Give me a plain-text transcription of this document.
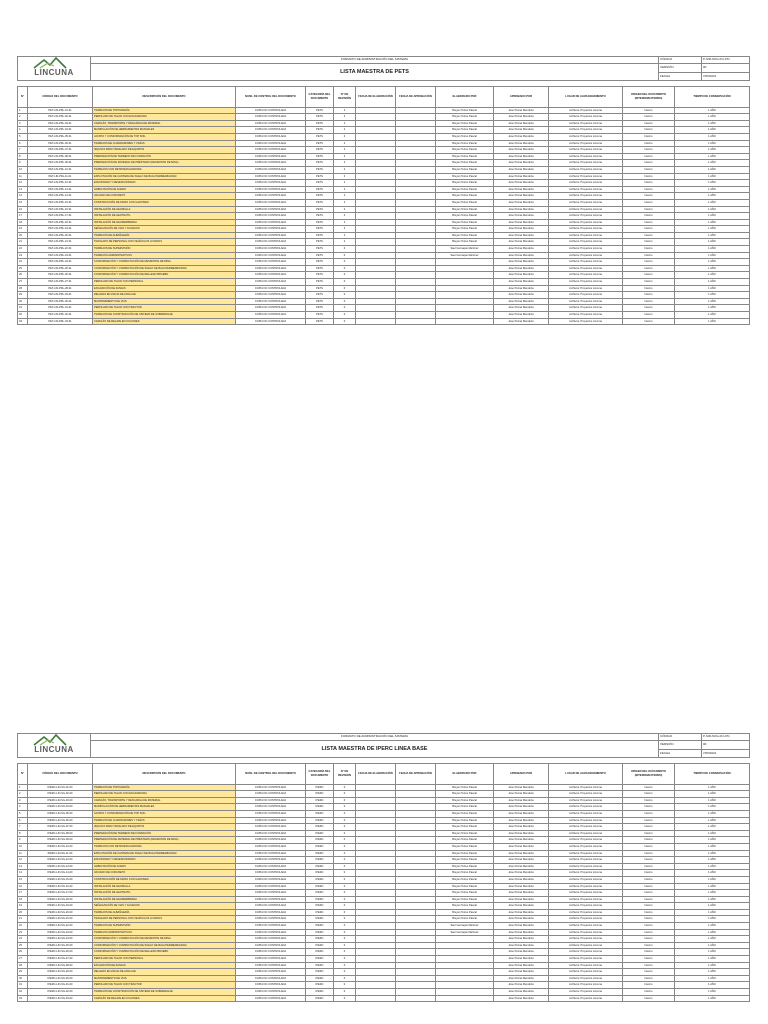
LINCUNA	FORMATO DE ADMINISTRACIÓN DEL SISTEMA	CÓDIGO	P-SIR-SOG-FO-071
	LISTA MAESTRA DE PETS	VERSIÓN	00
		FECHA	7/06/2021
N°	CÓDIGO DEL DOCUMENTO	DESCRIPCIÓN DEL DOCUMENTO	NIVEL DE CONTROL DEL DOCUMENTO	CATEGORÍA DEL DOCUMENTO	N° DE REVISIÓN	FECHA DE ELABORACIÓN	FECHA DE APROBACIÓN	ELABORADO POR	APROBADO POR	LUGAR DE ALMACENAMIENTO	ORIGEN DEL DOCUMENTO (INTERNO/EXTERNO)	TIEMPO DE CONSERVACIÓN
1	PET-LIN-PRL-01-01	TRABAJOS DE TOPOGRAFÍA	COPIA NO CONTROLADA	PETS	2			Bruyan Torres Pascal	Jose Porras Mendoza	Archivos: Proyectos Lincuna	Interno	1 AÑO
2	PET-LIN-PRL-02-01	PERFILADO DE TALUD CON EXCAVADORA	COPIA NO CONTROLADA	PETS	2			Bruyan Torres Pascal	Jose Porras Mendoza	Archivos: Proyectos Lincuna	Interno	1 AÑO
3	PET-LIN-PRL-03-01	CARGUÍO, TRANSPORTE Y DESCARGA DE MATERIAL	COPIA NO CONTROLADA	PETS	2			Bruyan Torres Pascal	Jose Porras Mendoza	Archivos: Proyectos Lincuna	Interno	1 AÑO
4	PET-LIN-PRL-04-01	MANIPULACIÓN DE HERRAMIENTAS MANUALES	COPIA NO CONTROLADA	PETS	2			Bruyan Torres Pascal	Jose Porras Mendoza	Archivos: Proyectos Lincuna	Interno	1 AÑO
5	PET-LIN-PRL-05-01	ACOPIO Y CONFORMACIÓN DE TOP SOIL	COPIA NO CONTROLADA	PETS	2			Bruyan Torres Pascal	Jose Porras Mendoza	Archivos: Proyectos Lincuna	Interno	1 AÑO
6	PET-LIN-PRL-06-01	TRABAJOS DE CUADRADORES Y VIGÍAS	COPIA NO CONTROLADA	PETS	2			Bruyan Torres Pascal	Jose Porras Mendoza	Archivos: Proyectos Lincuna	Interno	1 AÑO
7	PET-LIN-PRL-07-01	IZQUILTA PARA TRASLADO DE EQUIPOS	COPIA NO CONTROLADA	PETS	2			Bruyan Torres Pascal	Jose Porras Mendoza	Archivos: Proyectos Lincuna	Interno	1 AÑO
8	PET-LIN-PRL-08-01	PREPARACIÓN DE TERRENO DE FUNDACIÓN	COPIA NO CONTROLADA	PETS	2			Bruyan Torres Pascal	Jose Porras Mendoza	Archivos: Proyectos Lincuna	Interno	1 AÑO
9	PET-LIN-PRL-09-01	PREPARACIÓN DE MATERIAL DE PRÉSTAMO (DESMONTE DE MINA)	COPIA NO CONTROLADA	PETS	2			Bruyan Torres Pascal	Jose Porras Mendoza	Archivos: Proyectos Lincuna	Interno	1 AÑO
10	PET-LIN-PRL-10-01	TRABAJOS CON RETROEXCAVADORA	COPIA NO CONTROLADA	PETS	2			Bruyan Torres Pascal	Jose Porras Mendoza	Archivos: Proyectos Lincuna	Interno	1 AÑO
11	PET-LIN-PRL-11-01	EXPLOTACIÓN DE CANTERA DE SUELO DE BAJA PERMEABILIDAD	COPIA NO CONTROLADA	PETS	2			Bruyan Torres Pascal	Jose Porras Mendoza	Archivos: Proyectos Lincuna	Interno	1 AÑO
12	PET-LIN-PRL-12-01	ENCOFRADO Y DESENCOFRADO	COPIA NO CONTROLADA	PETS	2			Bruyan Torres Pascal	Jose Porras Mendoza	Archivos: Proyectos Lincuna	Interno	1 AÑO
13	PET-LIN-PRL-13-01	HABILITACIÓN DE ACERO	COPIA NO CONTROLADA	PETS	2			Bruyan Torres Pascal	Jose Porras Mendoza	Archivos: Proyectos Lincuna	Interno	1 AÑO
14	PET-LIN-PRL-14-01	VACIADO DE CONCRETO	COPIA NO CONTROLADA	PETS	2			Bruyan Torres Pascal	Jose Porras Mendoza	Archivos: Proyectos Lincuna	Interno	1 AÑO
15	PET-LIN-PRL-15-01	CONSTRUCCIÓN DE MURO CON GAVIONES	COPIA NO CONTROLADA	PETS	2			Bruyan Torres Pascal	Jose Porras Mendoza	Archivos: Proyectos Lincuna	Interno	1 AÑO
16	PET-LIN-PRL-16-01	INSTALACIÓN DE GEOMALLA	COPIA NO CONTROLADA	PETS	2			Bruyan Torres Pascal	Jose Porras Mendoza	Archivos: Proyectos Lincuna	Interno	1 AÑO
17	PET-LIN-PRL-17-01	INSTALACIÓN DE GEOTEXTIL	COPIA NO CONTROLADA	PETS	2			Bruyan Torres Pascal	Jose Porras Mendoza	Archivos: Proyectos Lincuna	Interno	1 AÑO
18	PET-LIN-PRL-18-01	INSTALACIÓN DE GEOMEMBRANA	COPIA NO CONTROLADA	PETS	2			Bruyan Torres Pascal	Jose Porras Mendoza	Archivos: Proyectos Lincuna	Interno	1 AÑO
19	PET-LIN-PRL-19-01	SEÑALIZACIÓN DE VIAS Y ACCESOS	COPIA NO CONTROLADA	PETS	2			Bruyan Torres Pascal	Jose Porras Mendoza	Archivos: Proyectos Lincuna	Interno	1 AÑO
20	PET-LIN-PRL-20-01	TRABAJOS DE ALBAÑILERÍA	COPIA NO CONTROLADA	PETS	2			Bruyan Torres Pascal	Jose Porras Mendoza	Archivos: Proyectos Lincuna	Interno	1 AÑO
21	PET-LIN-PRL-21-01	TRASLADO DE PERSONAL CON VEHÍCULOS LIVIANOS	COPIA NO CONTROLADA	PETS	2			Bruyan Torres Pascal	Jose Porras Mendoza	Archivos: Proyectos Lincuna	Interno	1 AÑO
22	PET-LIN-PRL-22-01	TRABAJOS DE SUPERVISIÓN	COPIA NO CONTROLADA	PETS	0			Saul Cernaqué Martínez	Jose Porras Mendoza	Archivos: Proyectos Lincuna	Interno	1 AÑO
23	PET-LIN-PRL-23-01	TRABAJOS ADMINISTRATIVOS	COPIA NO CONTROLADA	PETS	0			Saul Cernaqué Martínez	Jose Porras Mendoza	Archivos: Proyectos Lincuna	Interno	1 AÑO
24	PET-LIN-PRL-24-01	CONFORMACIÓN Y COMPACTACIÓN DE DESMONTE DE MINA	COPIA NO CONTROLADA	PETS	0				Jose Porras Mendoza	Archivos: Proyectos Lincuna	Interno	1 AÑO
25	PET-LIN-PRL-25-01	CONFORMACIÓN Y COMPACTACIÓN DE SUELO DE BAJA PERMEABILIDAD	COPIA NO CONTROLADA	PETS	0				Jose Porras Mendoza	Archivos: Proyectos Lincuna	Interno	1 AÑO
26	PET-LIN-PRL-26-01	CONFORMACIÓN Y COMPACTACIÓN DE RELLENO BRUEBO	COPIA NO CONTROLADA	PETS	0				Jose Porras Mendoza	Archivos: Proyectos Lincuna	Interno	1 AÑO
27	PET-LIN-PRL-27-01	PERFILADO DE TALUD CON PERSONAL	COPIA NO CONTROLADA	PETS	0				Jose Porras Mendoza	Archivos: Proyectos Lincuna	Interno	1 AÑO
28	PET-LIN-PRL-28-01	EXCAVACIÓN DE ZANJAS	COPIA NO CONTROLADA	PETS	0				Jose Porras Mendoza	Archivos: Proyectos Lincuna	Interno	1 AÑO
29	PET-LIN-PRL-29-01	RELLENO EN ZANJA DE ANCLAJE	COPIA NO CONTROLADA	PETS	0				Jose Porras Mendoza	Archivos: Proyectos Lincuna	Interno	1 AÑO
30	PET-LIN-PRL-30-01	MANTENIMIENTO DE VIAS	COPIA NO CONTROLADA	PETS	0				Jose Porras Mendoza	Archivos: Proyectos Lincuna	Interno	1 AÑO
31	PET-LIN-PRL-31-01	PERFILADO DE TALUD CON TRACTOR	COPIA NO CONTROLADA	PETS	0				Jose Porras Mendoza	Archivos: Proyectos Lincuna	Interno	1 AÑO
32	PET-LIN-PRL-32-01	TRABAJOS DE CONSTRUCCIÓN DE SISTEMA DE SUBDRENAJE	COPIA NO CONTROLADA	PETS	0				Jose Porras Mendoza	Archivos: Proyectos Lincuna	Interno	1 AÑO
33	PET-LIN-PRL-33-01	CARGUÍO DE RELAVE EN CICLONES	COPIA NO CONTROLADA	PETS	0				Jose Porras Mendoza	Archivos: Proyectos Lincuna	Interno	1 AÑO
LINCUNA	FORMATO DE ADMINISTRACIÓN DEL SISTEMA	CÓDIGO	P-SIR-SOG-FO-071
	LISTA MAESTRA DE IPERC LINEA BASE	VERSIÓN	00
		FECHA	7/06/2021
N°	CÓDIGO DEL DOCUMENTO	DESCRIPCIÓN DEL DOCUMENTO	NIVEL DE CONTROL DEL DOCUMENTO	CATEGORÍA DEL DOCUMENTO	N° DE REVISIÓN	FECHA DE ELABORACIÓN	FECHA DE APROBACIÓN	ELABORADO POR	APROBADO POR	LUGAR DE ALMACENAMIENTO	ORIGEN DEL DOCUMENTO (INTERNO/EXTERNO)	TIEMPO DE CONSERVACIÓN
1	IPERC-LIN-SG-01-00	TRABAJOS DE TOPOGRAFÍA	COPIA NO CONTROLADA	IPERC	0			Bruyan Torres Pascal	Jose Porras Mendoza	Archivos: Proyectos Lincuna	Interno	1 AÑO
2	IPERC-LIN-SG-02-00	PERFILADO DE TALUD CON EXCAVADORA	COPIA NO CONTROLADA	IPERC	0			Bruyan Torres Pascal	Jose Porras Mendoza	Archivos: Proyectos Lincuna	Interno	1 AÑO
3	IPERC-LIN-SG-03-00	CARGUÍO, TRANSPORTE Y DESCARGA DE MATERIAL	COPIA NO CONTROLADA	IPERC	0			Bruyan Torres Pascal	Jose Porras Mendoza	Archivos: Proyectos Lincuna	Interno	1 AÑO
4	IPERC-LIN-SG-04-00	MANIPULACIÓN DE HERRAMIENTAS MANUALES	COPIA NO CONTROLADA	IPERC	0			Bruyan Torres Pascal	Jose Porras Mendoza	Archivos: Proyectos Lincuna	Interno	1 AÑO
5	IPERC-LIN-SG-05-00	ACOPIO Y CONFORMACIÓN DE TOP SOIL	COPIA NO CONTROLADA	IPERC	0			Bruyan Torres Pascal	Jose Porras Mendoza	Archivos: Proyectos Lincuna	Interno	1 AÑO
6	IPERC-LIN-SG-06-00	TRABAJOS DE CUADRADORES Y VIGÍAS	COPIA NO CONTROLADA	IPERC	0			Bruyan Torres Pascal	Jose Porras Mendoza	Archivos: Proyectos Lincuna	Interno	1 AÑO
7	IPERC-LIN-SG-07-00	IZQUILTA PARA TRASLADO DE EQUIPOS	COPIA NO CONTROLADA	IPERC	0			Bruyan Torres Pascal	Jose Porras Mendoza	Archivos: Proyectos Lincuna	Interno	1 AÑO
8	IPERC-LIN-SG-08-00	PREPARACIÓN DE TERRENO DE FUNDACIÓN	COPIA NO CONTROLADA	IPERC	0			Bruyan Torres Pascal	Jose Porras Mendoza	Archivos: Proyectos Lincuna	Interno	1 AÑO
9	IPERC-LIN-SG-09-00	PREPARACIÓN DE MATERIAL DE PRÉSTAMO (DESMONTE DE MINA)	COPIA NO CONTROLADA	IPERC	0			Bruyan Torres Pascal	Jose Porras Mendoza	Archivos: Proyectos Lincuna	Interno	1 AÑO
10	IPERC-LIN-SG-10-00	TRABAJOS CON RETROEXCAVADORA	COPIA NO CONTROLADA	IPERC	0			Bruyan Torres Pascal	Jose Porras Mendoza	Archivos: Proyectos Lincuna	Interno	1 AÑO
11	IPERC-LIN-SG-11-00	EXPLOTACIÓN DE CANTERA DE SUELO DE BAJA PERMEABILIDAD	COPIA NO CONTROLADA	IPERC	0			Bruyan Torres Pascal	Jose Porras Mendoza	Archivos: Proyectos Lincuna	Interno	1 AÑO
12	IPERC-LIN-SG-12-00	ENCOFRADO Y DESENCOFRADO	COPIA NO CONTROLADA	IPERC	0			Bruyan Torres Pascal	Jose Porras Mendoza	Archivos: Proyectos Lincuna	Interno	1 AÑO
13	IPERC-LIN-SG-13-00	HABILITACIÓN DE ACERO	COPIA NO CONTROLADA	IPERC	0			Bruyan Torres Pascal	Jose Porras Mendoza	Archivos: Proyectos Lincuna	Interno	1 AÑO
14	IPERC-LIN-SG-14-00	VACIADO DE CONCRETO	COPIA NO CONTROLADA	IPERC	0			Bruyan Torres Pascal	Jose Porras Mendoza	Archivos: Proyectos Lincuna	Interno	1 AÑO
15	IPERC-LIN-SG-15-00	CONSTRUCCIÓN DE MURO CON GAVIONES	COPIA NO CONTROLADA	IPERC	0			Bruyan Torres Pascal	Jose Porras Mendoza	Archivos: Proyectos Lincuna	Interno	1 AÑO
16	IPERC-LIN-SG-16-00	INSTALACIÓN DE GEOMALLA	COPIA NO CONTROLADA	IPERC	0			Bruyan Torres Pascal	Jose Porras Mendoza	Archivos: Proyectos Lincuna	Interno	1 AÑO
17	IPERC-LIN-SG-17-00	INSTALACIÓN DE GEOTEXTIL	COPIA NO CONTROLADA	IPERC	0			Bruyan Torres Pascal	Jose Porras Mendoza	Archivos: Proyectos Lincuna	Interno	1 AÑO
18	IPERC-LIN-SG-18-00	INSTALACIÓN DE GEOMEMBRANA	COPIA NO CONTROLADA	IPERC	0			Bruyan Torres Pascal	Jose Porras Mendoza	Archivos: Proyectos Lincuna	Interno	1 AÑO
19	IPERC-LIN-SG-19-00	SEÑALIZACIÓN DE VIAS Y ACCESOS	COPIA NO CONTROLADA	IPERC	0			Bruyan Torres Pascal	Jose Porras Mendoza	Archivos: Proyectos Lincuna	Interno	1 AÑO
20	IPERC-LIN-SG-20-00	TRABAJOS DE ALBAÑILERÍA	COPIA NO CONTROLADA	IPERC	0			Bruyan Torres Pascal	Jose Porras Mendoza	Archivos: Proyectos Lincuna	Interno	1 AÑO
21	IPERC-LIN-SG-21-00	TRASLADO DE PERSONAL CON VEHÍCULOS LIVIANOS	COPIA NO CONTROLADA	IPERC	0			Bruyan Torres Pascal	Jose Porras Mendoza	Archivos: Proyectos Lincuna	Interno	1 AÑO
22	IPERC-LIN-SG-22-00	TRABAJOS DE SUPERVISIÓN	COPIA NO CONTROLADA	IPERC	0			Saul Cernaqué Martínez	Jose Porras Mendoza	Archivos: Proyectos Lincuna	Interno	1 AÑO
23	IPERC-LIN-SG-23-00	TRABAJOS ADMINISTRATIVOS	COPIA NO CONTROLADA	IPERC	0			Saul Cernaqué Martínez	Jose Porras Mendoza	Archivos: Proyectos Lincuna	Interno	1 AÑO
24	IPERC-LIN-SG-24-00	CONFORMACIÓN Y COMPACTACIÓN DE DESMONTE DE MINA	COPIA NO CONTROLADA	IPERC	0				Jose Porras Mendoza	Archivos: Proyectos Lincuna	Interno	1 AÑO
25	IPERC-LIN-SG-25-00	CONFORMACIÓN Y COMPACTACIÓN DE SUELO DE BAJA PERMEABILIDAD	COPIA NO CONTROLADA	IPERC	0				Jose Porras Mendoza	Archivos: Proyectos Lincuna	Interno	1 AÑO
26	IPERC-LIN-SG-26-00	CONFORMACIÓN Y COMPACTACIÓN DE RELLENO BRUEBO	COPIA NO CONTROLADA	IPERC	0				Jose Porras Mendoza	Archivos: Proyectos Lincuna	Interno	1 AÑO
27	IPERC-LIN-SG-27-00	PERFILADO DE TALUD CON PERSONAL	COPIA NO CONTROLADA	IPERC	0				Jose Porras Mendoza	Archivos: Proyectos Lincuna	Interno	1 AÑO
28	IPERC-LIN-SG-28-00	EXCAVACIÓN DE ZANJAS	COPIA NO CONTROLADA	IPERC	0				Jose Porras Mendoza	Archivos: Proyectos Lincuna	Interno	1 AÑO
29	IPERC-LIN-SG-29-00	RELLENO EN ZANJA DE ANCLAJE	COPIA NO CONTROLADA	IPERC	0				Jose Porras Mendoza	Archivos: Proyectos Lincuna	Interno	1 AÑO
30	IPERC-LIN-SG-30-00	MANTENIMIENTO DE VIAS	COPIA NO CONTROLADA	IPERC	0				Jose Porras Mendoza	Archivos: Proyectos Lincuna	Interno	1 AÑO
31	IPERC-LIN-SG-31-00	PERFILADO DE TALUD CON TRACTOR	COPIA NO CONTROLADA	IPERC	0				Jose Porras Mendoza	Archivos: Proyectos Lincuna	Interno	1 AÑO
32	IPERC-LIN-SG-32-00	TRABAJOS DE CONSTRUCCIÓN DE SISTEMA DE SUBDRENAJE	COPIA NO CONTROLADA	IPERC	0				Jose Porras Mendoza	Archivos: Proyectos Lincuna	Interno	1 AÑO
33	IPERC-LIN-SG-33-00	CARGUÍO DE RELAVE EN CICLONES	COPIA NO CONTROLADA	IPERC	0				Jose Porras Mendoza	Archivos: Proyectos Lincuna	Interno	1 AÑO
